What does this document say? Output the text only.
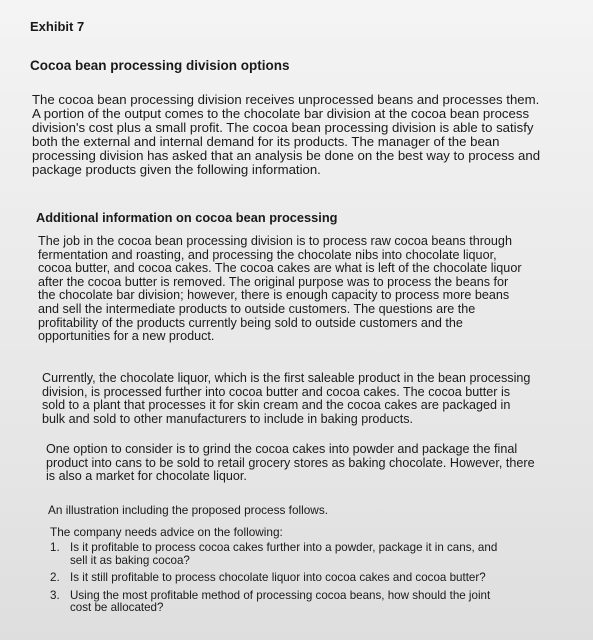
Exhibit 7
Cocoa bean processing division options

The cocoa bean processing division receives unprocessed beans and processes them.
A portion of the output comes to the chocolate bar division at the cocoa bean process
division's cost plus a small profit. The cocoa bean processing division is able to satisfy
both the external and internal demand for its products. The manager of the bean
processing division has asked that an analysis be done on the best way to process and
package products given the following information.

Additional information on cocoa bean processing

The job in the cocoa bean processing division is to process raw cocoa beans through
fermentation and roasting, and processing the chocolate nibs into chocolate liquor,
cocoa butter, and cocoa cakes. The cocoa cakes are what is left of the chocolate liquor
after the cocoa butter is removed. The original purpose was to process the beans for
the chocolate bar division; however, there is enough capacity to process more beans
and sell the intermediate products to outside customers. The questions are the
profitability of the products currently being sold to outside customers and the
opportunities for a new product.

Currently, the chocolate liquor, which is the first saleable product in the bean processing
division, is processed further into cocoa butter and cocoa cakes. The cocoa butter is
sold to a plant that processes it for skin cream and the cocoa cakes are packaged in
bulk and sold to other manufacturers to include in baking products.

One option to consider is to grind the cocoa cakes into powder and package the final
product into cans to be sold to retail grocery stores as baking chocolate. However, there
is also a market for chocolate liquor.

An illustration including the proposed process follows.

The company needs advice on the following:

1. Is it profitable to process cocoa cakes further into a powder, package it in cans, and
sell it as baking cocoa?
2. Is it still profitable to process chocolate liquor into cocoa cakes and cocoa butter?
3. Using the most profitable method of processing cocoa beans, how should the joint
cost be allocated?
